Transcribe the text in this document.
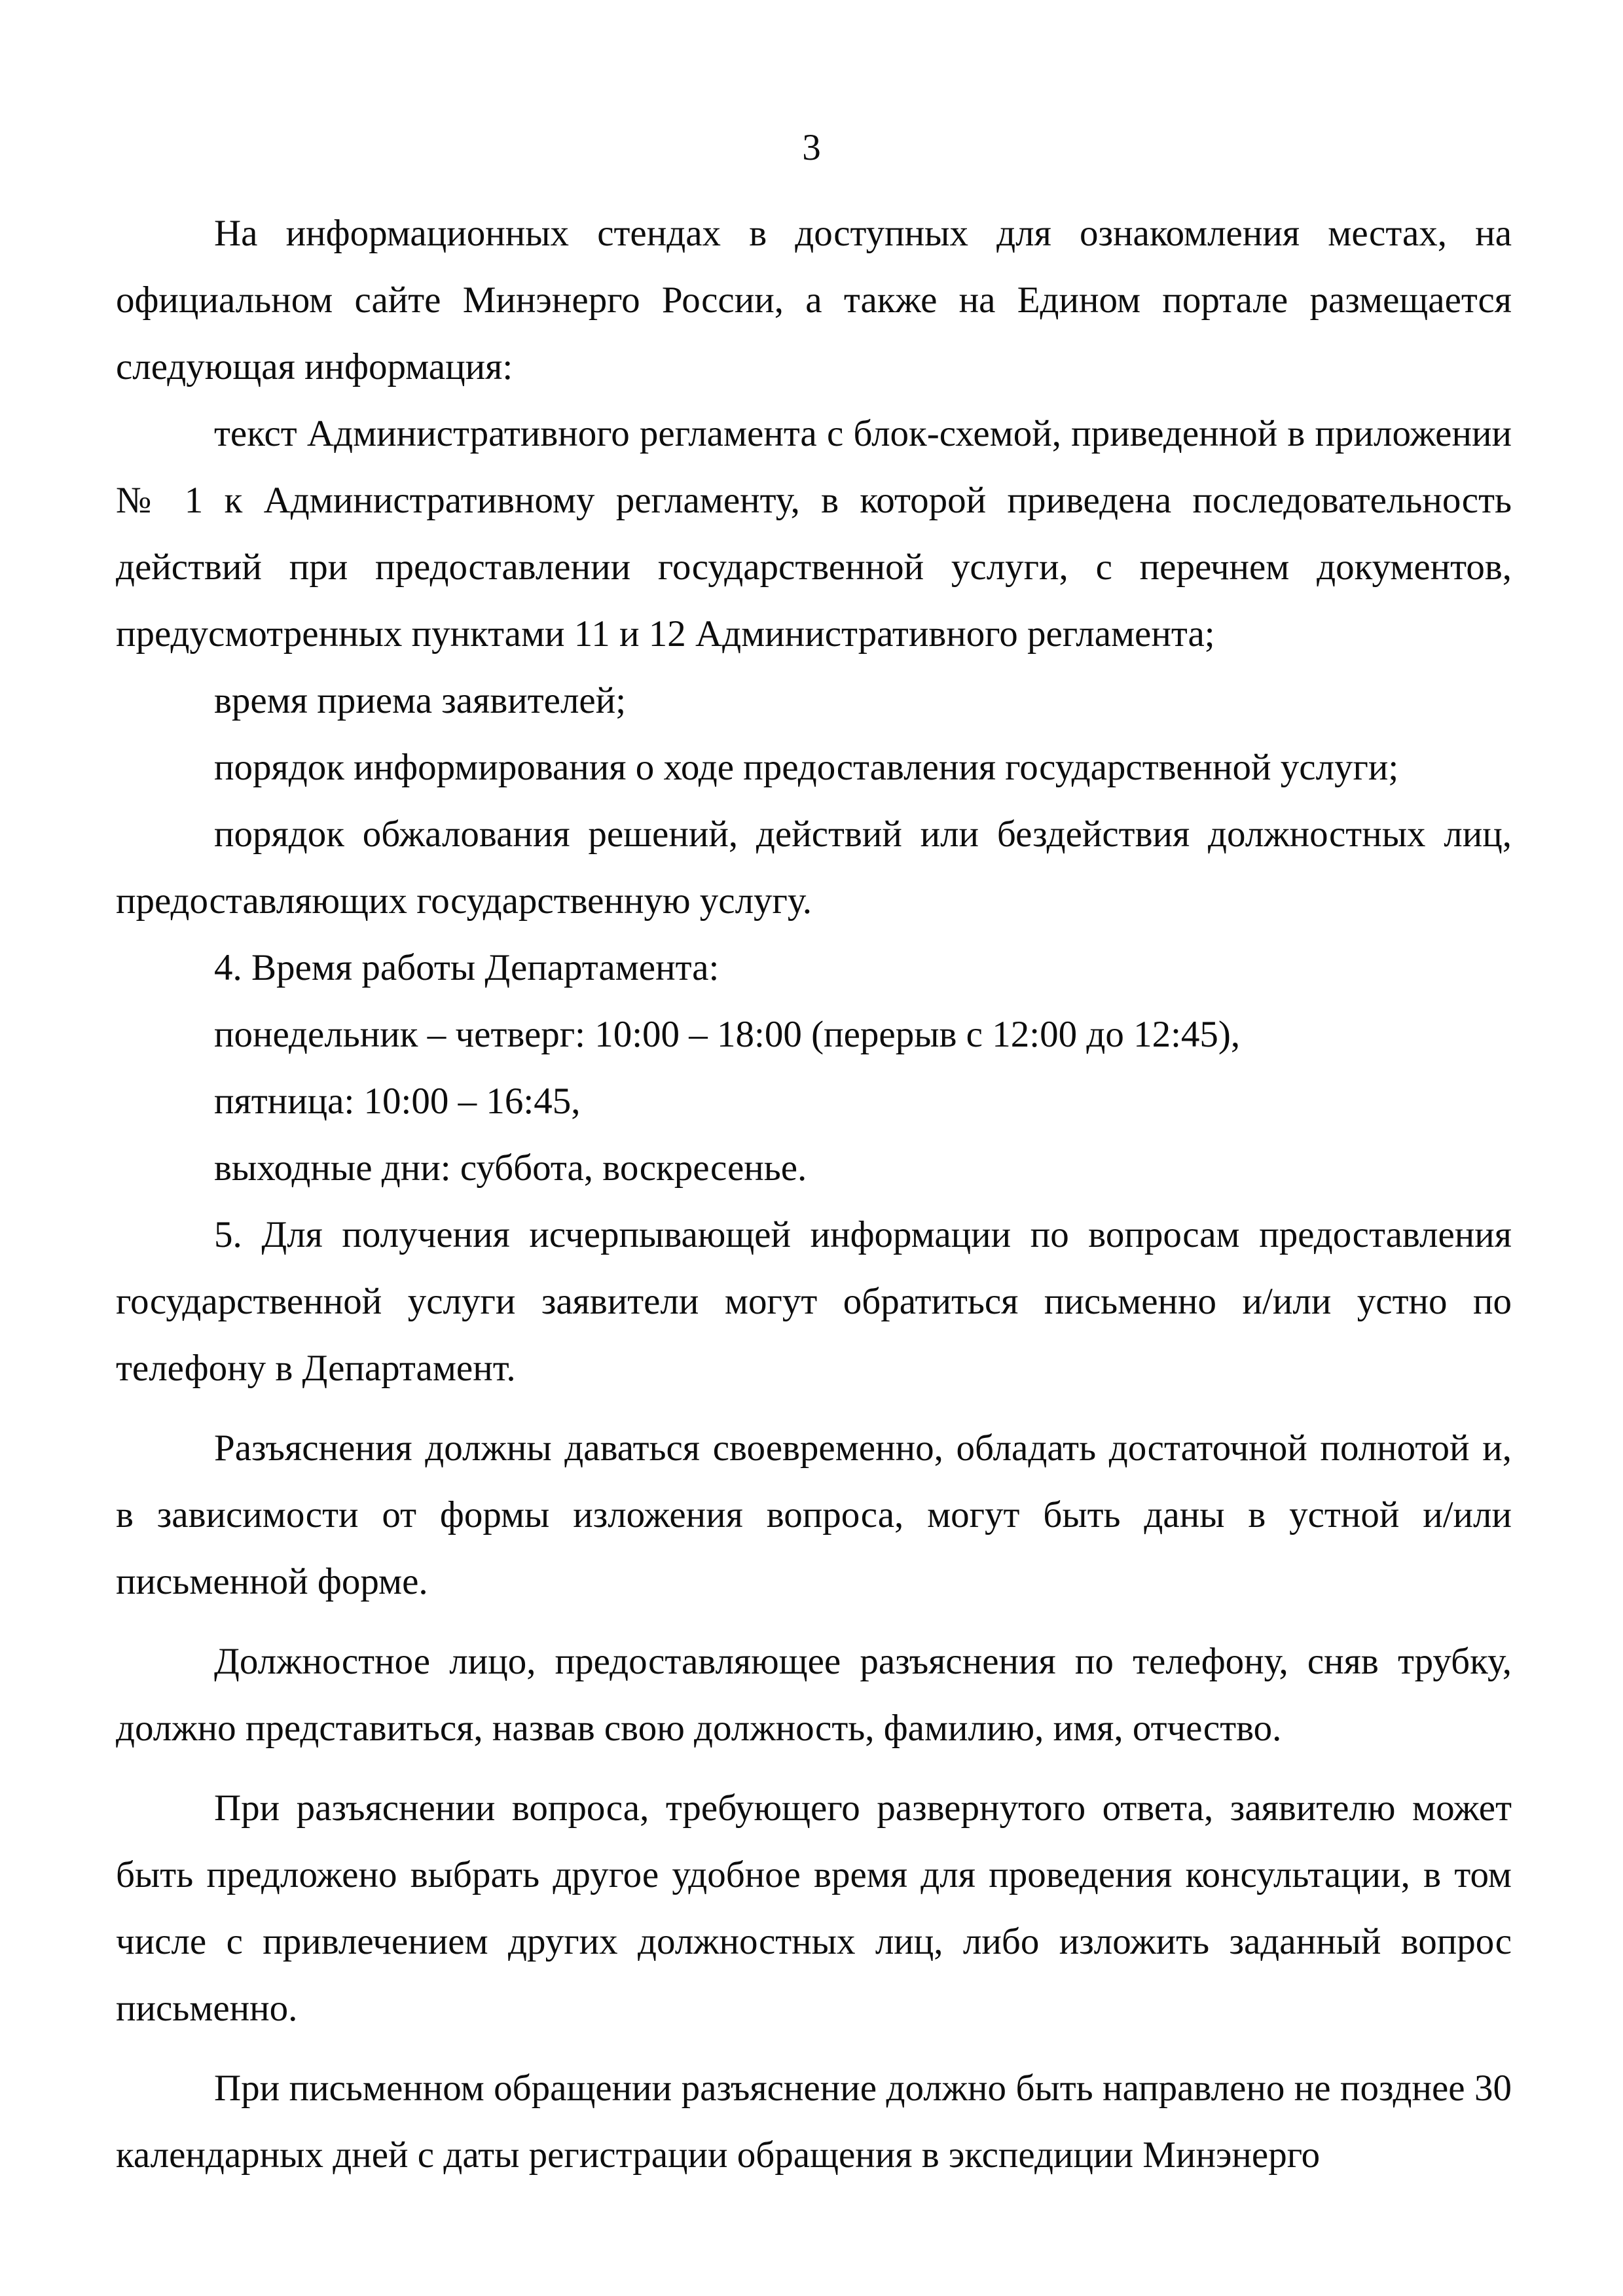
3

На информационных стендах в доступных для ознакомления местах, на официальном сайте Минэнерго России, а также на Едином портале размещается следующая информация:

текст Административного регламента с блок-схемой, приведенной в приложении № 1 к Административному регламенту, в которой приведена последовательность действий при предоставлении государственной услуги, с перечнем документов, предусмотренных пунктами 11 и 12 Административного регламента;

время приема заявителей;

порядок информирования о ходе предоставления государственной услуги;

порядок обжалования решений, действий или бездействия должностных лиц, предоставляющих государственную услугу.

4. Время работы Департамента:

понедельник – четверг: 10:00 – 18:00 (перерыв с 12:00 до 12:45),

пятница: 10:00 – 16:45,

выходные дни: суббота, воскресенье.

5. Для получения исчерпывающей информации по вопросам предоставления государственной услуги заявители могут обратиться письменно и/или устно по телефону в Департамент.

Разъяснения должны даваться своевременно, обладать достаточной полнотой и, в зависимости от формы изложения вопроса, могут быть даны в устной и/или письменной форме.

Должностное лицо, предоставляющее разъяснения по телефону, сняв трубку, должно представиться, назвав свою должность, фамилию, имя, отчество.

При разъяснении вопроса, требующего развернутого ответа, заявителю может быть предложено выбрать другое удобное время для проведения консультации, в том числе с привлечением других должностных лиц, либо изложить заданный вопрос письменно.

При письменном обращении разъяснение должно быть направлено не позднее 30 календарных дней с даты регистрации обращения в экспедиции Минэнерго
